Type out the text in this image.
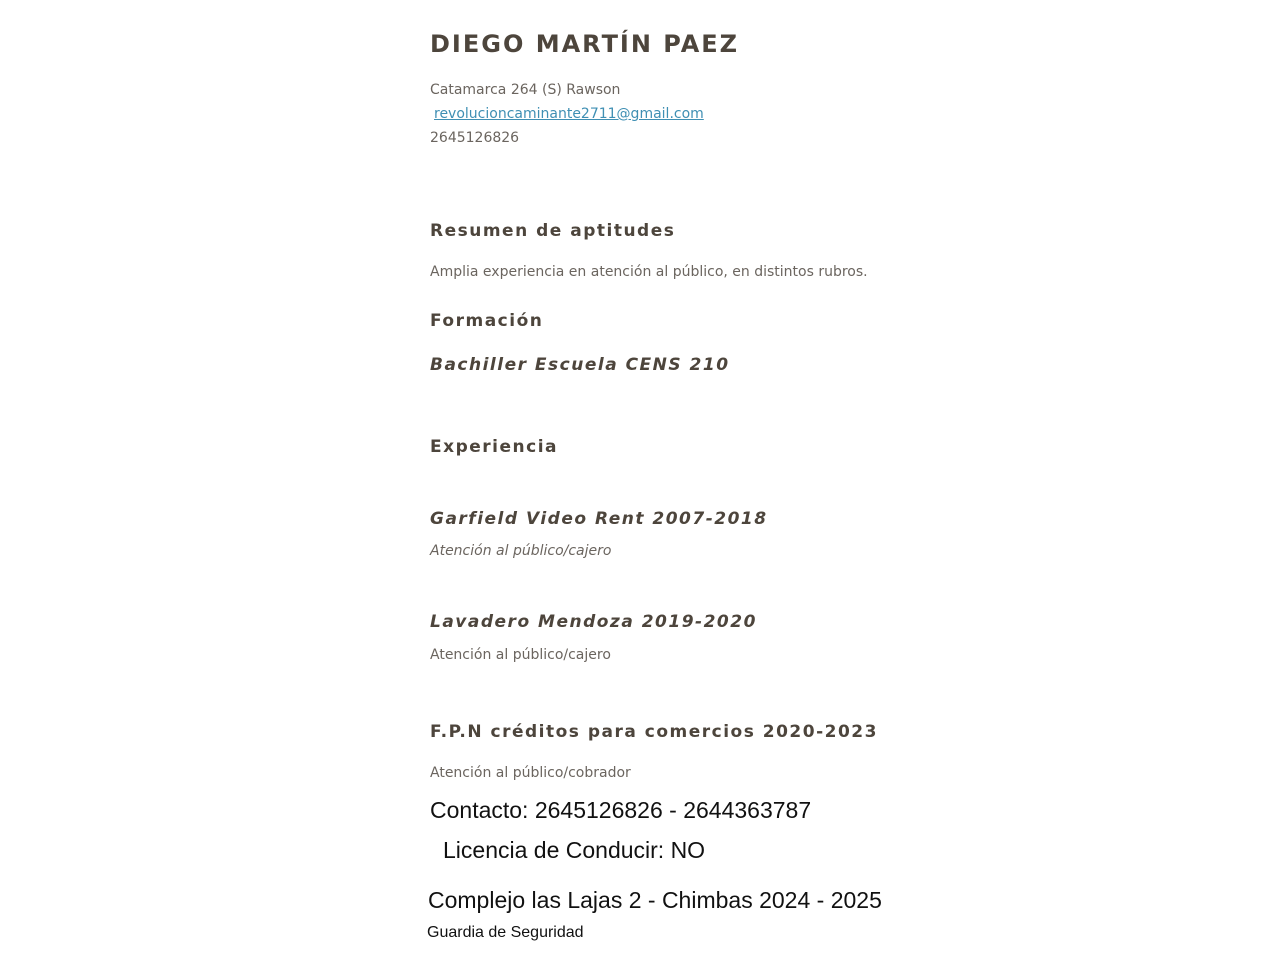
DIEGO MARTÍN PAEZ
Catamarca 264 (S) Rawson
revolucioncaminante2711@gmail.com
2645126826
Resumen de aptitudes
Amplia experiencia en atención al público, en distintos rubros.
Formación
Bachiller Escuela CENS 210
Experiencia
Garfield Video Rent 2007-2018
Atención al público/cajero
Lavadero Mendoza 2019-2020
Atención al público/cajero
F.P.N créditos para comercios 2020-2023
Atención al público/cobrador
Contacto: 2645126826 - 2644363787
Licencia de Conducir: NO
Complejo las Lajas 2 - Chimbas 2024 - 2025
Guardia de Seguridad
